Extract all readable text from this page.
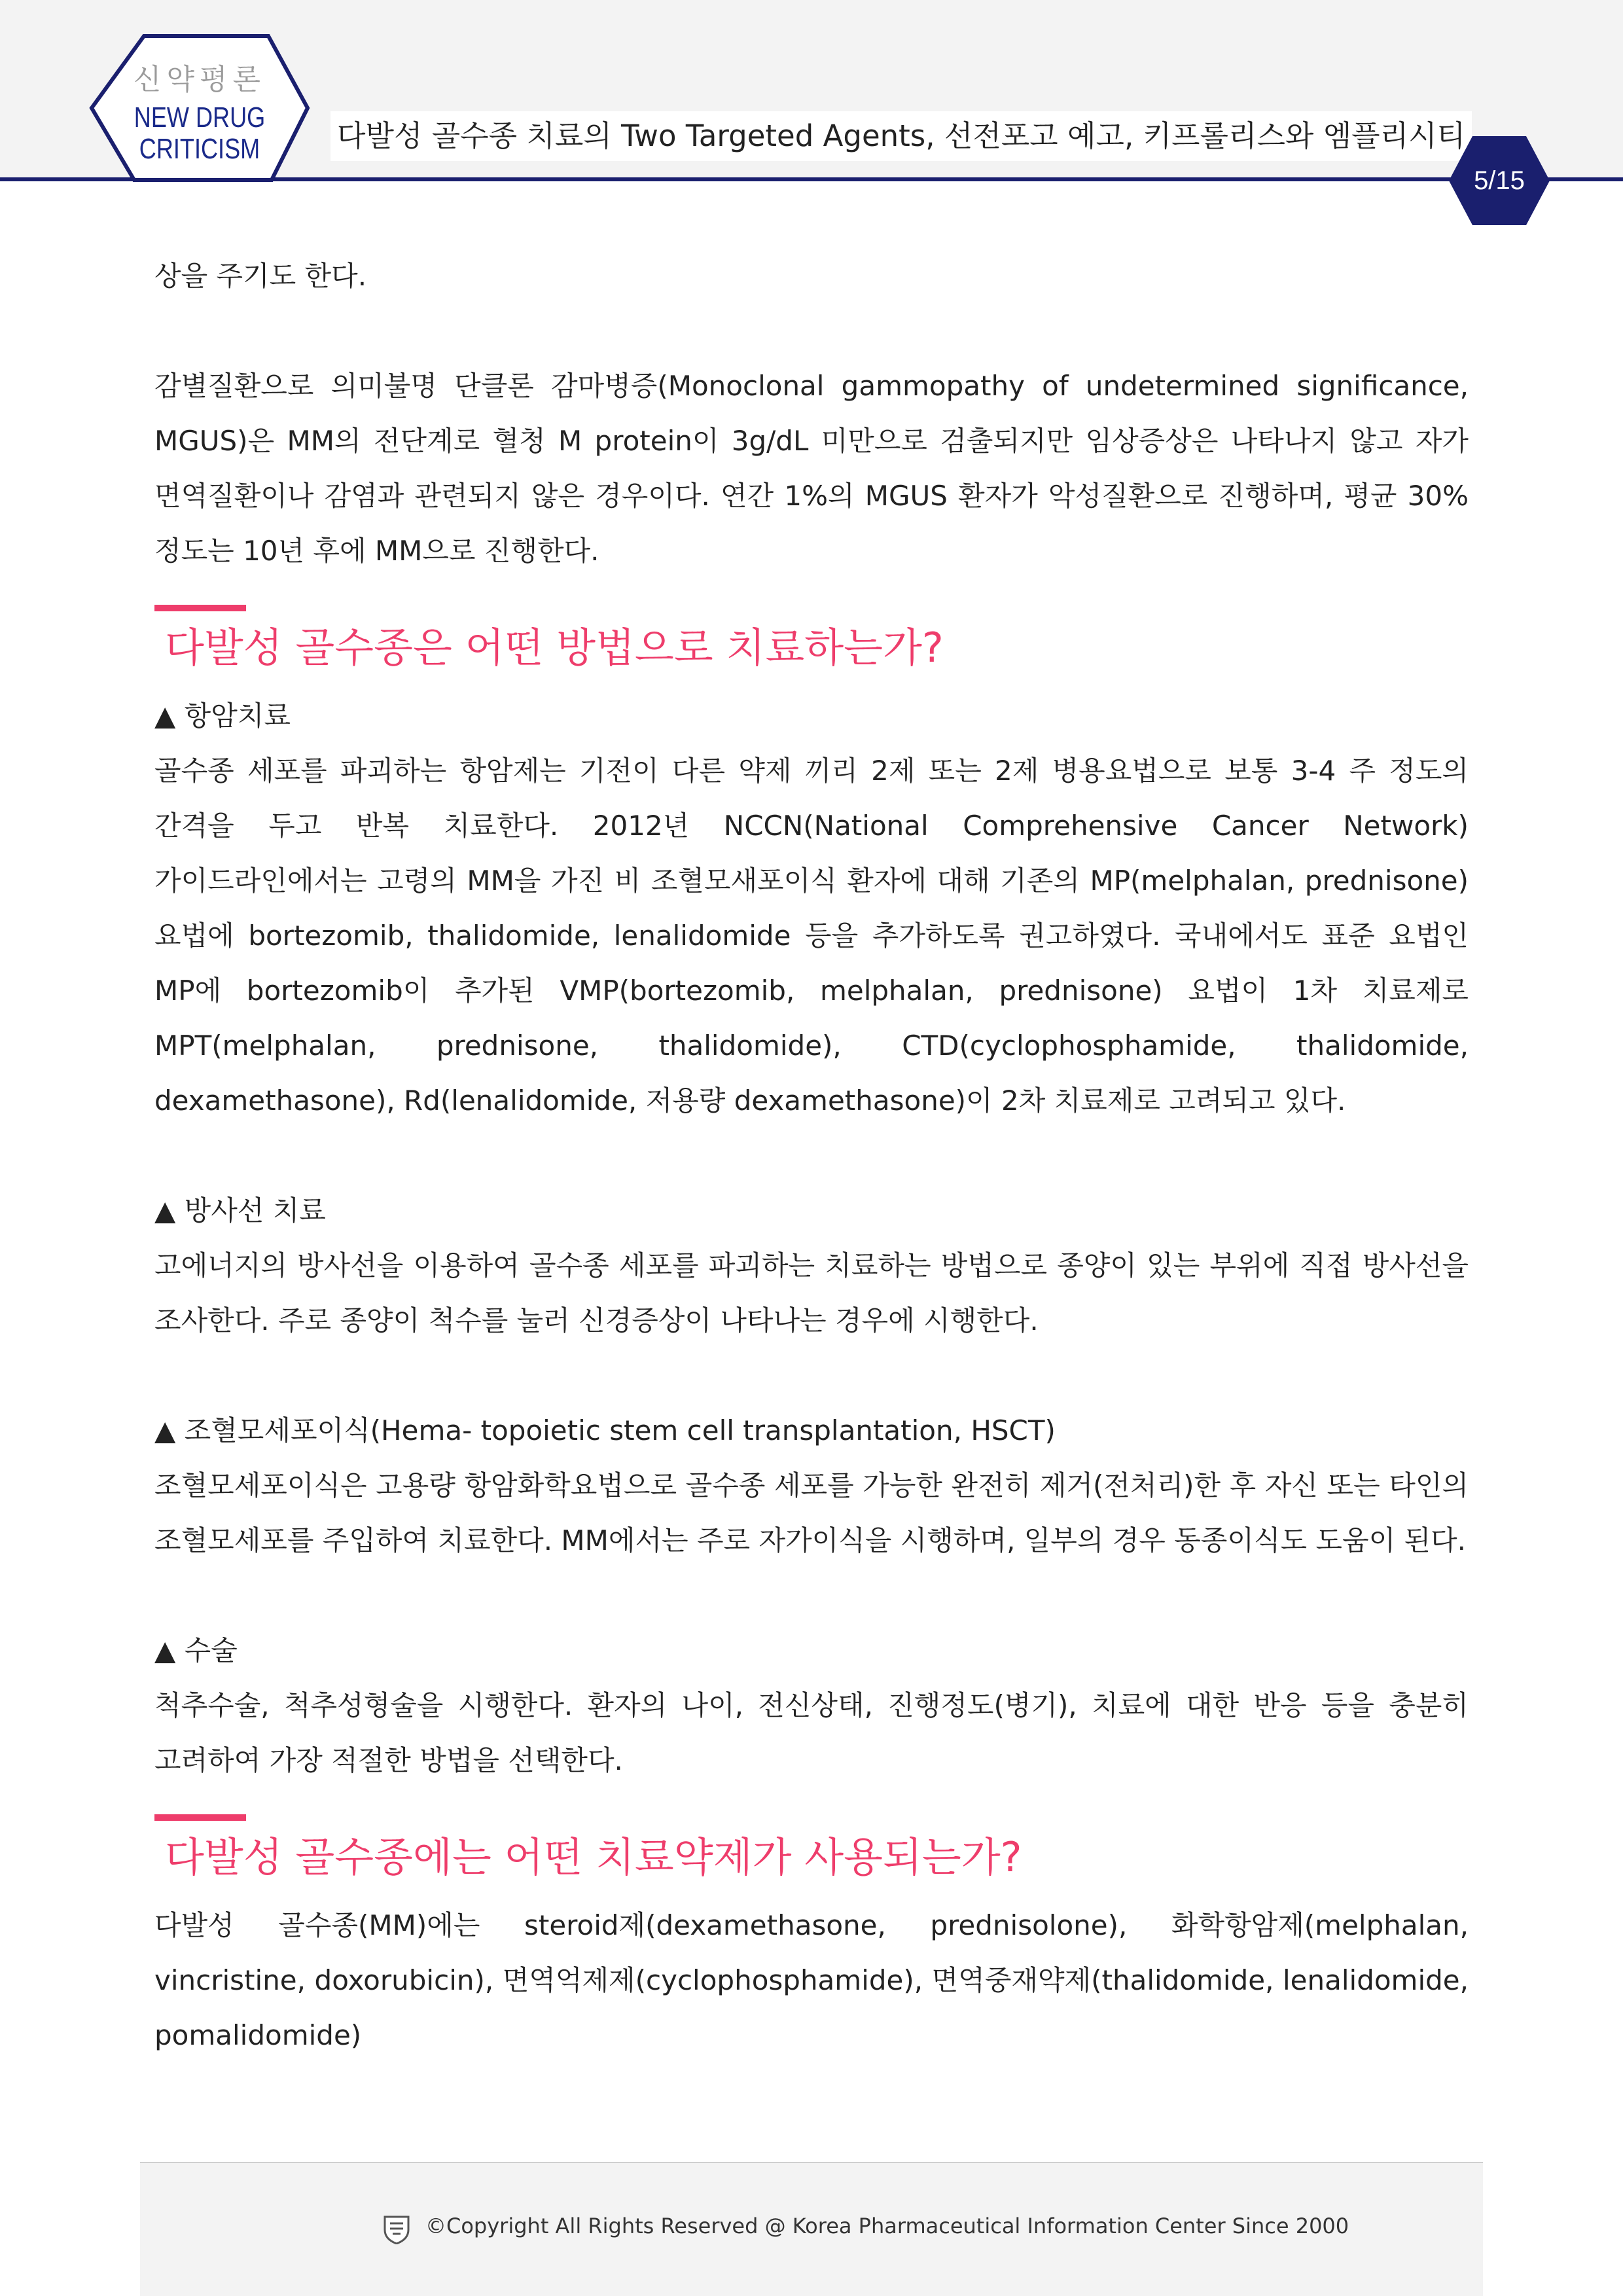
신약평론
NEW DRUG
CRITICISM	다발성 골수종 치료의 Two Targeted Agents, 선전포고 예고, 키프롤리스와 엠플리시티
5/15

상을 주기도 한다.

감별질환으로 의미불명 단클론 감마병증(Monoclonal gammopathy of undetermined significance, MGUS)은 MM의 전단계로 혈청 M protein이 3g/dL 미만으로 검출되지만 임상증상은 나타나지 않고 자가 면역질환이나 감염과 관련되지 않은 경우이다. 연간 1%의 MGUS 환자가 악성질환으로 진행하며, 평균 30% 정도는 10년 후에 MM으로 진행한다.

다발성 골수종은 어떤 방법으로 치료하는가?

▲ 항암치료

골수종 세포를 파괴하는 항암제는 기전이 다른 약제 끼리 2제 또는 2제 병용요법으로 보통 3-4 주 정도의 간격을 두고 반복 치료한다. 2012년 NCCN(National Comprehensive Cancer Network) 가이드라인에서는 고령의 MM을 가진 비 조혈모새포이식 환자에 대해 기존의 MP(melphalan, prednisone) 요법에 bortezomib, thalidomide, lenalidomide 등을 추가하도록 권고하였다. 국내에서도 표준 요법인 MP에 bortezomib이 추가된 VMP(bortezomib, melphalan, prednisone) 요법이 1차 치료제로 MPT(melphalan, prednisone, thalidomide), CTD(cyclophosphamide, thalidomide, dexamethasone), Rd(lenalidomide, 저용량 dexamethasone)이 2차 치료제로 고려되고 있다.

▲ 방사선 치료

고에너지의 방사선을 이용하여 골수종 세포를 파괴하는 치료하는 방법으로 종양이 있는 부위에 직접 방사선을 조사한다. 주로 종양이 척수를 눌러 신경증상이 나타나는 경우에 시행한다.

▲ 조혈모세포이식(Hema- topoietic stem cell transplantation, HSCT)

조혈모세포이식은 고용량 항암화학요법으로 골수종 세포를 가능한 완전히 제거(전처리)한 후 자신 또는 타인의 조혈모세포를 주입하여 치료한다. MM에서는 주로 자가이식을 시행하며, 일부의 경우 동종이식도 도움이 된다.

▲ 수술

척추수술, 척추성형술을 시행한다. 환자의 나이, 전신상태, 진행정도(병기), 치료에 대한 반응 등을 충분히 고려하여 가장 적절한 방법을 선택한다.

다발성 골수종에는 어떤 치료약제가 사용되는가?

다발성 골수종(MM)에는 steroid제(dexamethasone, prednisolone), 화학항암제(melphalan, vincristine, doxorubicin), 면역억제제(cyclophosphamide), 면역중재약제(thalidomide, lenalidomide, pomalidomide)

©Copyright All Rights Reserved @ Korea Pharmaceutical Information Center Since 2000
